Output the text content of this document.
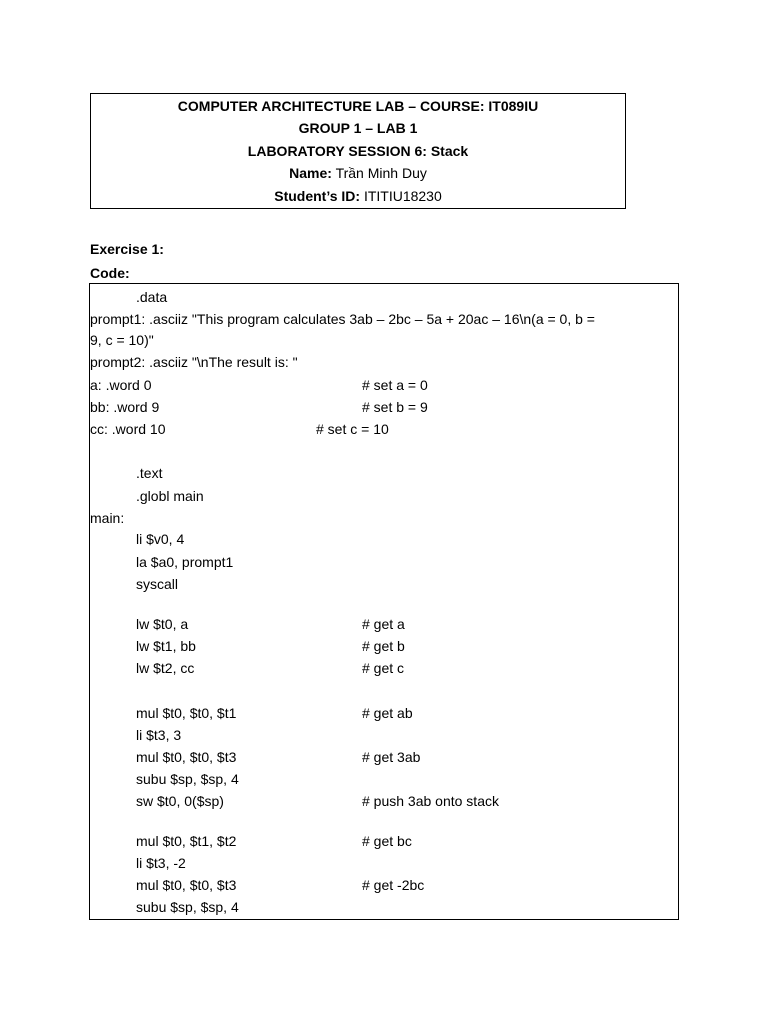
COMPUTER ARCHITECTURE LAB – COURSE: IT089IU
GROUP 1 – LAB 1
LABORATORY SESSION 6: Stack
Name: Trần Minh Duy
Student’s ID: ITITIU18230
Exercise 1:
Code:
.data
prompt1: .asciiz "This program calculates 3ab – 2bc – 5a + 20ac – 16\n(a = 0, b =
9, c = 10)"
prompt2: .asciiz "\nThe result is: "
a: .word 0	# set a = 0
bb: .word 9	# set b = 9
cc: .word 10	# set c = 10
.text
.globl main
main:
li $v0, 4
la $a0, prompt1
syscall
lw $t0, a	# get a
lw $t1, bb	# get b
lw $t2, cc	# get c
mul $t0, $t0, $t1	# get ab
li $t3, 3
mul $t0, $t0, $t3	# get 3ab
subu $sp, $sp, 4
sw $t0, 0($sp)	# push 3ab onto stack
mul $t0, $t1, $t2	# get bc
li $t3, -2
mul $t0, $t0, $t3	# get -2bc
subu $sp, $sp, 4
